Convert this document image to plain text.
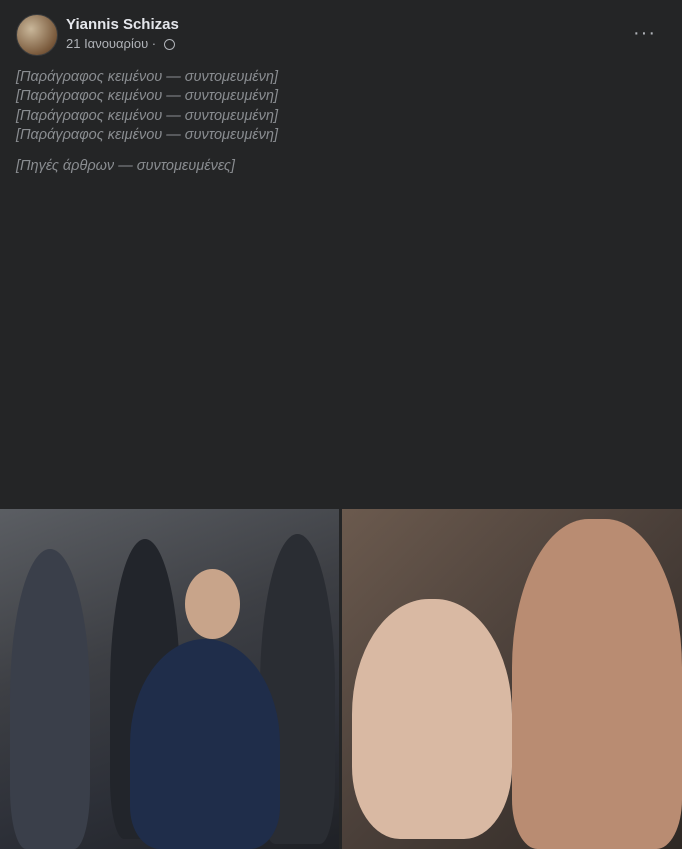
Yiannis Schizas
21 Ιανουαρίου ·	···

[Παράγραφος κειμένου — συντομευμένη]

[Παράγραφος κειμένου — συντομευμένη]

[Παράγραφος κειμένου — συντομευμένη]

[Παράγραφος κειμένου — συντομευμένη]

[Πηγές άρθρων — συντομευμένες]
